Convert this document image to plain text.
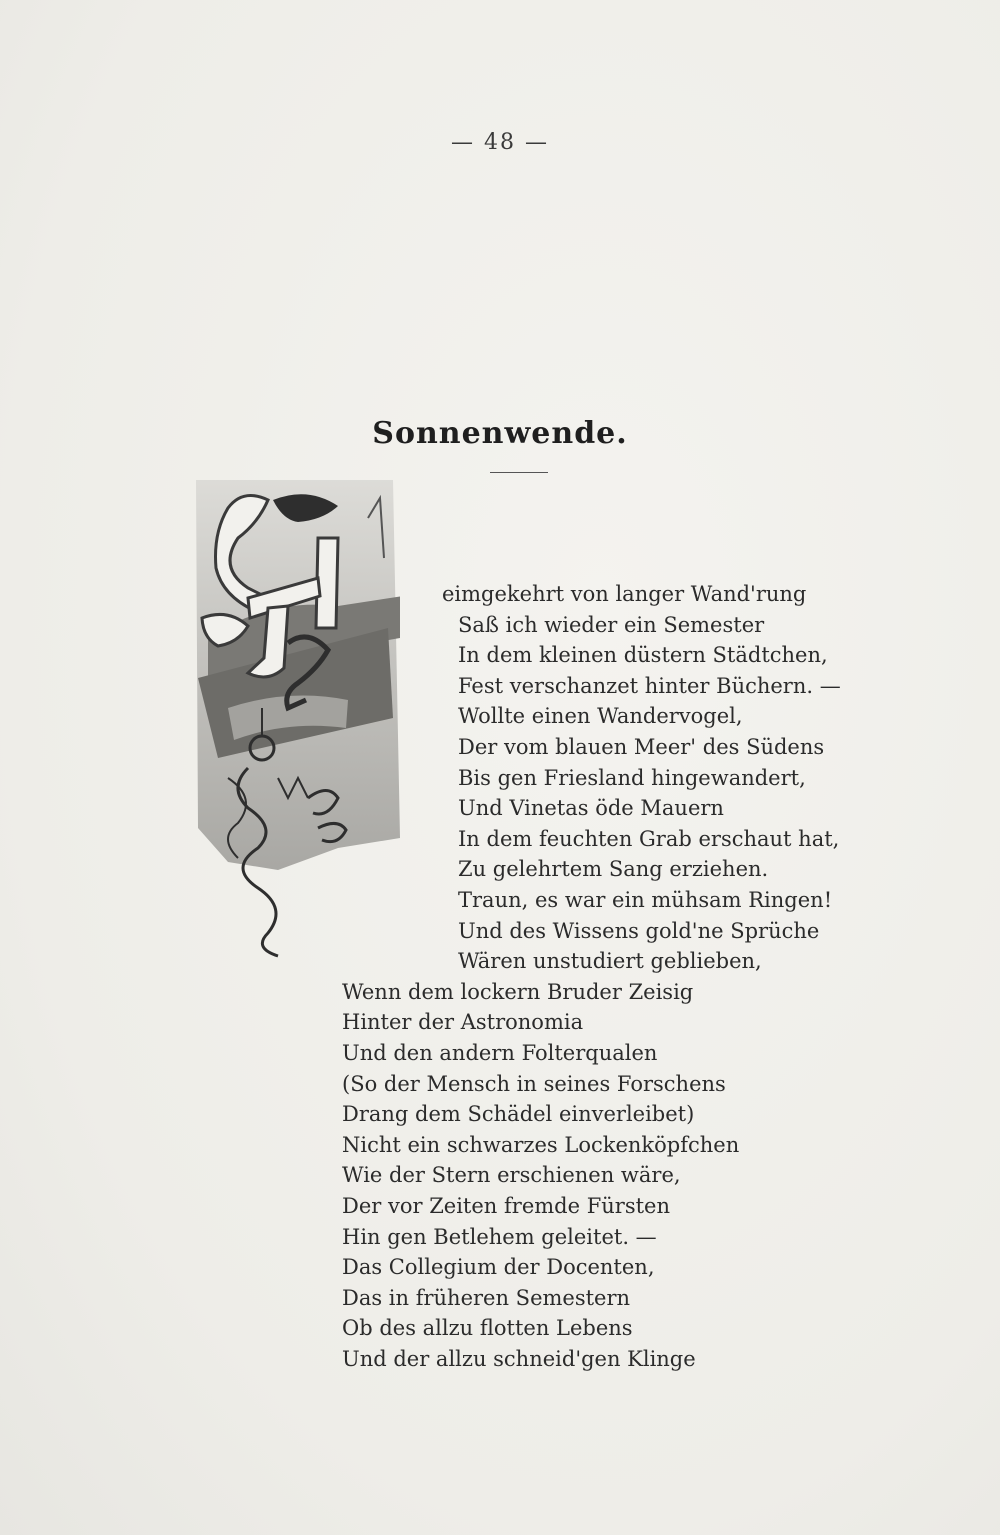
— 48 —
Sonnenwende.
eimgekehrt von langer Wand'rung
Saß ich wieder ein Semester
In dem kleinen düstern Städtchen,
Fest verschanzet hinter Büchern. —
Wollte einen Wandervogel,
Der vom blauen Meer' des Südens
Bis gen Friesland hingewandert,
Und Vinetas öde Mauern
In dem feuchten Grab erschaut hat,
Zu gelehrtem Sang erziehen.
Traun, es war ein mühsam Ringen!
Und des Wissens gold'ne Sprüche
Wären unstudiert geblieben,
Wenn dem lockern Bruder Zeisig
Hinter der Astronomia
Und den andern Folterqualen
(So der Mensch in seines Forschens
Drang dem Schädel einverleibet)
Nicht ein schwarzes Lockenköpfchen
Wie der Stern erschienen wäre,
Der vor Zeiten fremde Fürsten
Hin gen Betlehem geleitet. —
Das Collegium der Docenten,
Das in früheren Semestern
Ob des allzu flotten Lebens
Und der allzu schneid'gen Klinge
